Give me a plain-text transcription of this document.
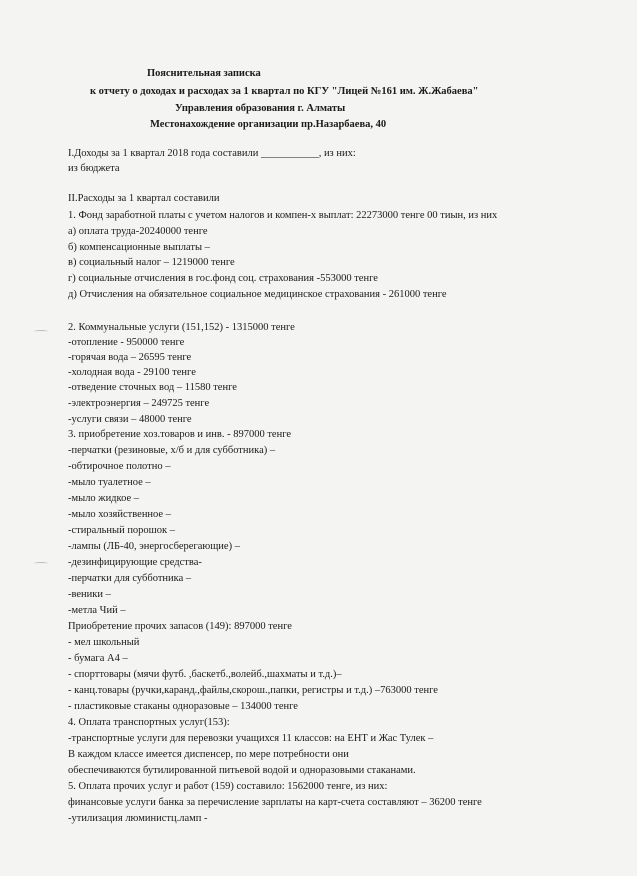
Пояснительная записка
к отчету о доходах и расходах за 1 квартал по КГУ "Лицей №161 им. Ж.Жабаева"
Управления образования г. Алматы
Местонахождение организации пр.Назарбаева, 40
I.Доходы за 1 квартал 2018 года составили ___________, из них:
из бюджета
II.Расходы за 1 квартал составили
1. Фонд заработной платы с учетом налогов и компен-х выплат: 22273000 тенге 00 тиын, из них
а) оплата труда-20240000 тенге
б) компенсационные выплаты –
в) социальный налог – 1219000 тенге
г) социальные отчисления в гос.фонд соц. страхования -553000 тенге
д) Отчисления на обязательное социальное медицинское страхования - 261000 тенге
2. Коммунальные услуги (151,152) - 1315000 тенге
-отопление - 950000 тенге
-горячая вода – 26595 тенге
-холодная вода - 29100 тенге
-отведение сточных вод – 11580 тенге
-электроэнергия – 249725 тенге
-услуги связи – 48000 тенге
3. приобретение хоз.товаров и инв. - 897000 тенге
-перчатки (резиновые, х/б и для субботника) –
-обтирочное полотно –
-мыло туалетное –
-мыло жидкое –
-мыло хозяйственное –
-стиральный порошок –
-лампы (ЛБ-40, энергосберегающие) –
-дезинфицирующие средства-
-перчатки для субботника –
-веники –
-метла Чий –
Приобретение прочих запасов (149): 897000 тенге
- мел школьный
- бумага А4 –
- спорттовары (мячи футб. ,баскетб.,волейб.,шахматы и т.д.)–
- канц.товары (ручки,каранд.,файлы,скорош.,папки, регистры и т.д.) –763000 тенге
- пластиковые стаканы одноразовые – 134000 тенге
4. Оплата транспортных услуг(153):
-транспортные услуги для перевозки учащихся 11 классов: на ЕНТ и Жас Тулек –
В каждом классе имеется диспенсер, по мере потребности они
обеспечиваются бутилированной питьевой водой и одноразовыми стаканами.
5. Оплата прочих услуг и работ (159) составило: 1562000 тенге, из них:
финансовые услуги банка за перечисление зарплаты на карт-счета составляют – 36200 тенге
-утилизация люминистц.ламп -
